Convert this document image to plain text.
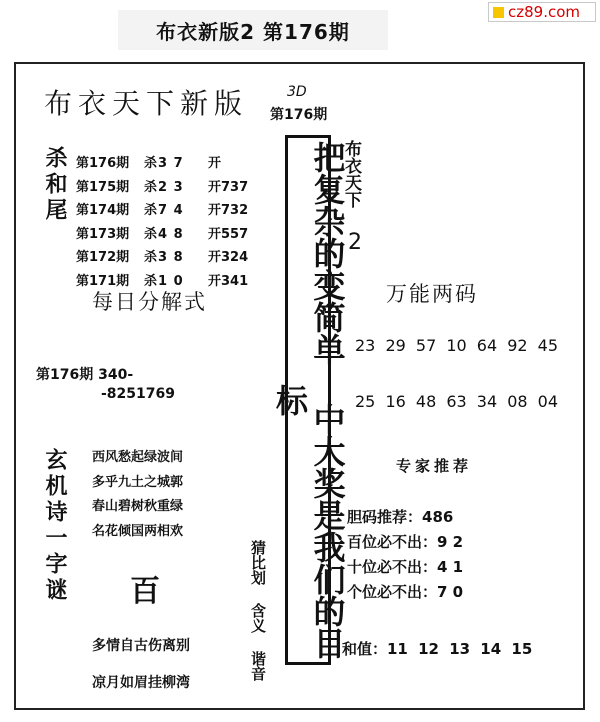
布衣新版2 第176期
cz89.com
布衣天下新版	3D
第176期
杀和尾 第176期	杀3 7	开
第175期	杀2 3	开737
第174期	杀7 4	开732
第173期	杀4 8	开557
第172期	杀3 8	开324
第171期	杀1 0	开341
每日分解式
第176期 340-
-8251769
玄机诗一字谜 西风愁起绿波间
多乎九土之城郭
春山碧树秋重绿
名花倾国两相欢
百	猜比划 含义 谐音
多情自古伤离别
凉月如眉挂柳湾
把复杂的变简单 中大奖是我们的目标
布衣天下
2
万能两码
23 29 57 10 64 92 45
25 16 48 63 34 08 04
专家推荐
胆码推荐：486
百位必不出：9 2
十位必不出：4 1
个位必不出：7 0
和值：11 12 13 14 15
